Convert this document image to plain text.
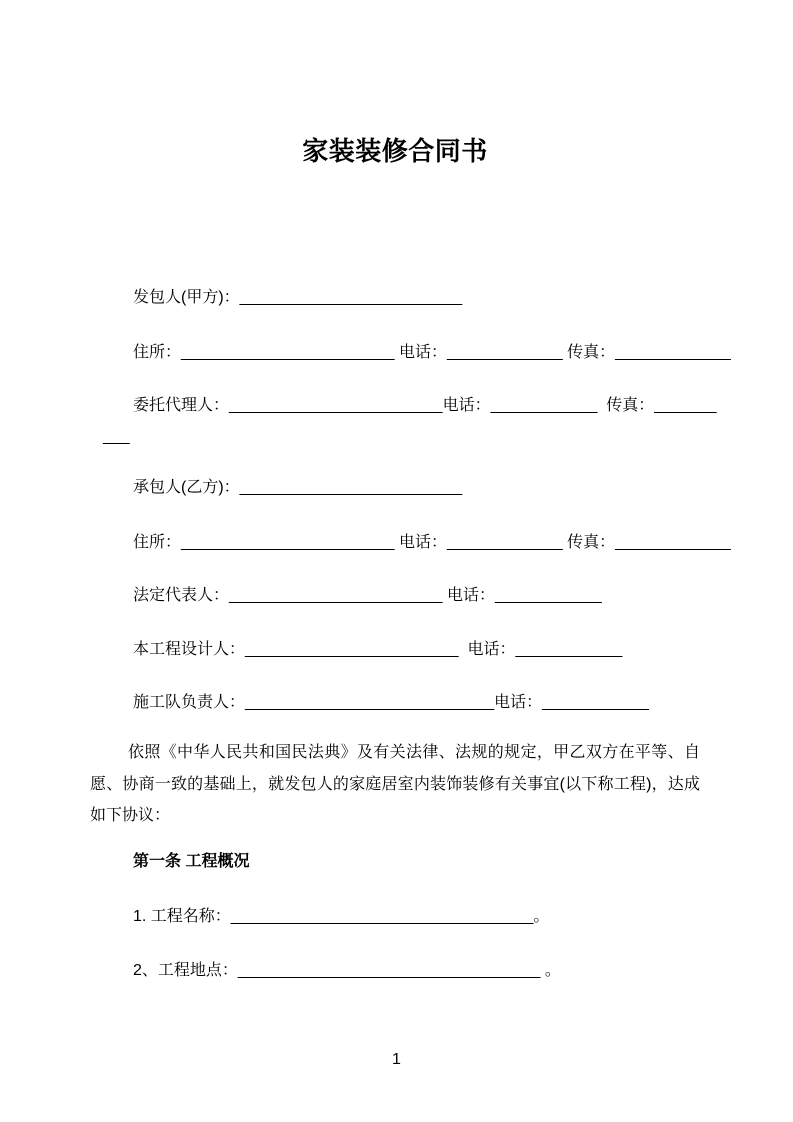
家装装修合同书
发包人(甲方)：_________________________
住所：________________________ 电话：_____________ 传真：_____________
委托代理人：________________________电话：____________  传真：_______
___
承包人(乙方)：_________________________
住所：________________________ 电话：_____________ 传真：_____________
法定代表人：________________________ 电话：____________
本工程设计人：________________________  电话：____________
施工队负责人：____________________________电话：____________
依照《中华人民共和国民法典》及有关法律、法规的规定，甲乙双方在平等、自愿、协商一致的基础上，就发包人的家庭居室内装饰装修有关事宜(以下称工程)，达成如下协议：
第一条 工程概况
1. 工程名称：__________________________________。
2、工程地点：__________________________________ 。
1
